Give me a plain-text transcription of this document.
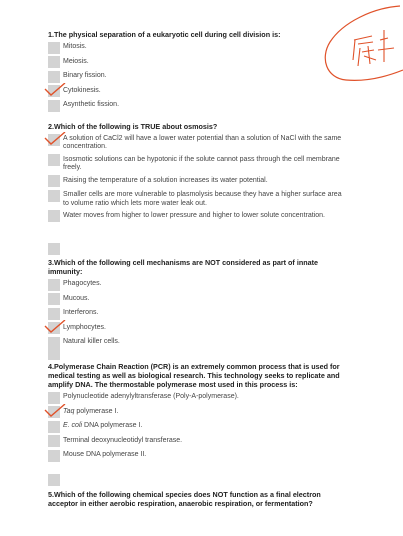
1.The physical separation of a eukaryotic cell during cell division is:
Mitosis.
Meiosis.
Binary fission.
Cytokinesis.
Asynthetic fission.
2.Which of the following is TRUE about osmosis?
A solution of CaCl2 will have a lower water potential than a solution of NaCl with the same concentration.
Isosmotic solutions can be hypotonic if the solute cannot pass through the cell membrane freely.
Raising the temperature of a solution increases its water potential.
Smaller cells are more vulnerable to plasmolysis because they have a higher surface area to volume ratio which lets more water leak out.
Water moves from higher to lower pressure and higher to lower solute concentration.
3.Which of the following cell mechanisms are NOT considered as part of innate immunity:
Phagocytes.
Mucous.
Interferons.
Lymphocytes.
Natural killer cells.
4.Polymerase Chain Reaction (PCR) is an extremely common process that is used for medical testing as well as biological research. This technology seeks to replicate and amplify DNA. The thermostable polymerase most used in this process is:
Polynucleotide adenylyltransferase (Poly-A-polymerase).
Taq polymerase I.
E. coli DNA polymerase I.
Terminal deoxynucleotidyl transferase.
Mouse DNA polymerase II.
5.Which of the following chemical species does NOT function as a final electron acceptor in either aerobic respiration, anaerobic respiration, or fermentation?
